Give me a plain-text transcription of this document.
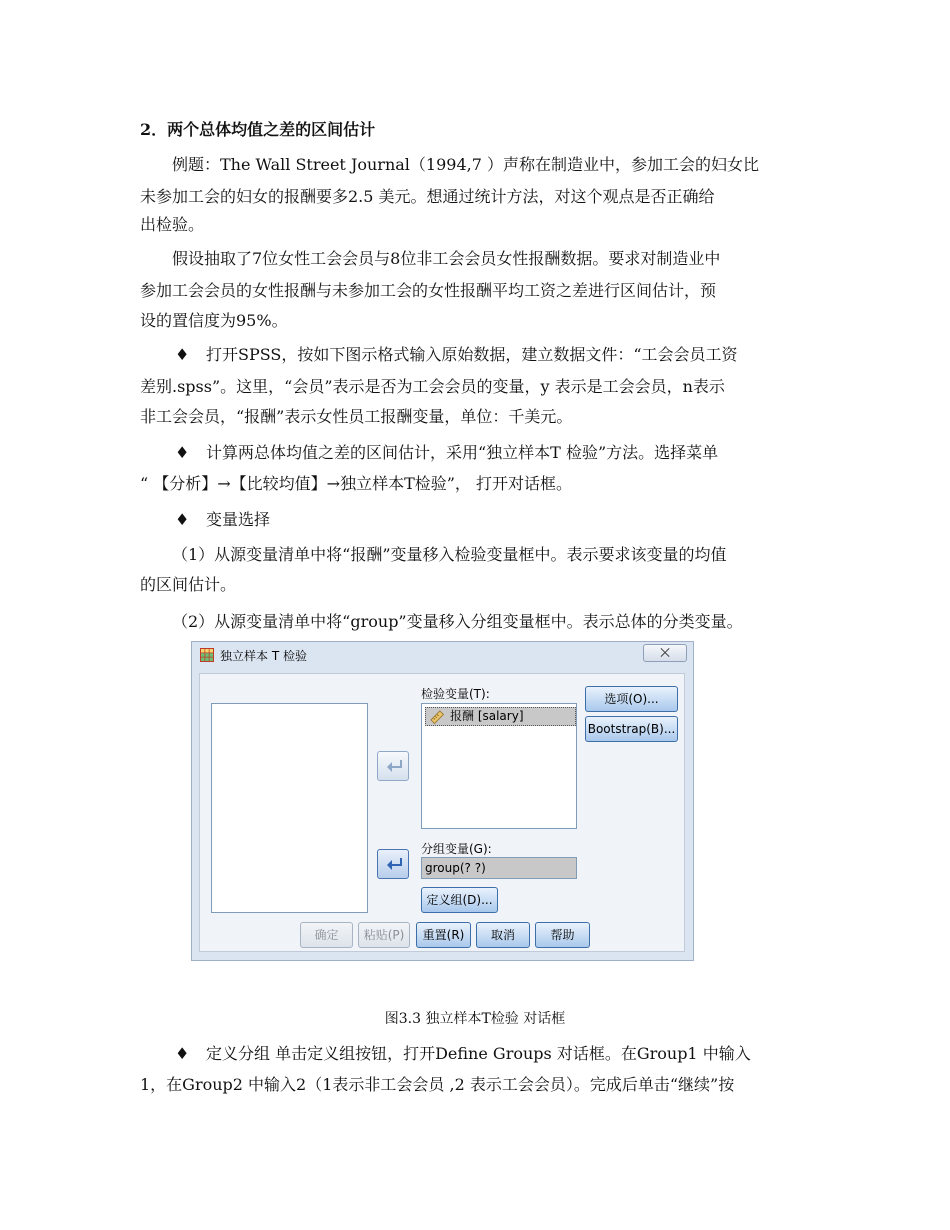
2．两个总体均值之差的区间估计
例题：The Wall Street Journal（1994,7 ）声称在制造业中，参加工会的妇女比
未参加工会的妇女的报酬要多2.5 美元。想通过统计方法，对这个观点是否正确给
出检验。
假设抽取了7位女性工会会员与8位非工会会员女性报酬数据。要求对制造业中
参加工会会员的女性报酬与未参加工会的女性报酬平均工资之差进行区间估计，预
设的置信度为95%。
♦	打开SPSS，按如下图示格式输入原始数据，建立数据文件：“工会会员工资
差别.spss”。这里，“会员”表示是否为工会会员的变量，y 表示是工会会员，n表示
非工会会员，“报酬”表示女性员工报酬变量，单位：千美元。
♦	计算两总体均值之差的区间估计，采用“独立样本T 检验”方法。选择菜单
“ 【分析】→【比较均值】→独立样本T检验”， 打开对话框。
♦	变量选择
（1）从源变量清单中将“报酬”变量移入检验变量框中。表示要求该变量的均值
的区间估计。
（2）从源变量清单中将“group”变量移入分组变量框中。表示总体的分类变量。
独立样本 T 检验	⨉
检验变量(T):
报酬 [salary]
分组变量(G):
group(? ?)
定义组(D)...
选项(O)...
Bootstrap(B)...
确定	粘贴(P)	重置(R)	取消	帮助
图3.3 独立样本T检验 对话框
♦	定义分组 单击定义组按钮，打开Define Groups 对话框。在Group1 中输入
1，在Group2 中输入2（1表示非工会会员 ,2 表示工会会员）。完成后单击“继续”按
